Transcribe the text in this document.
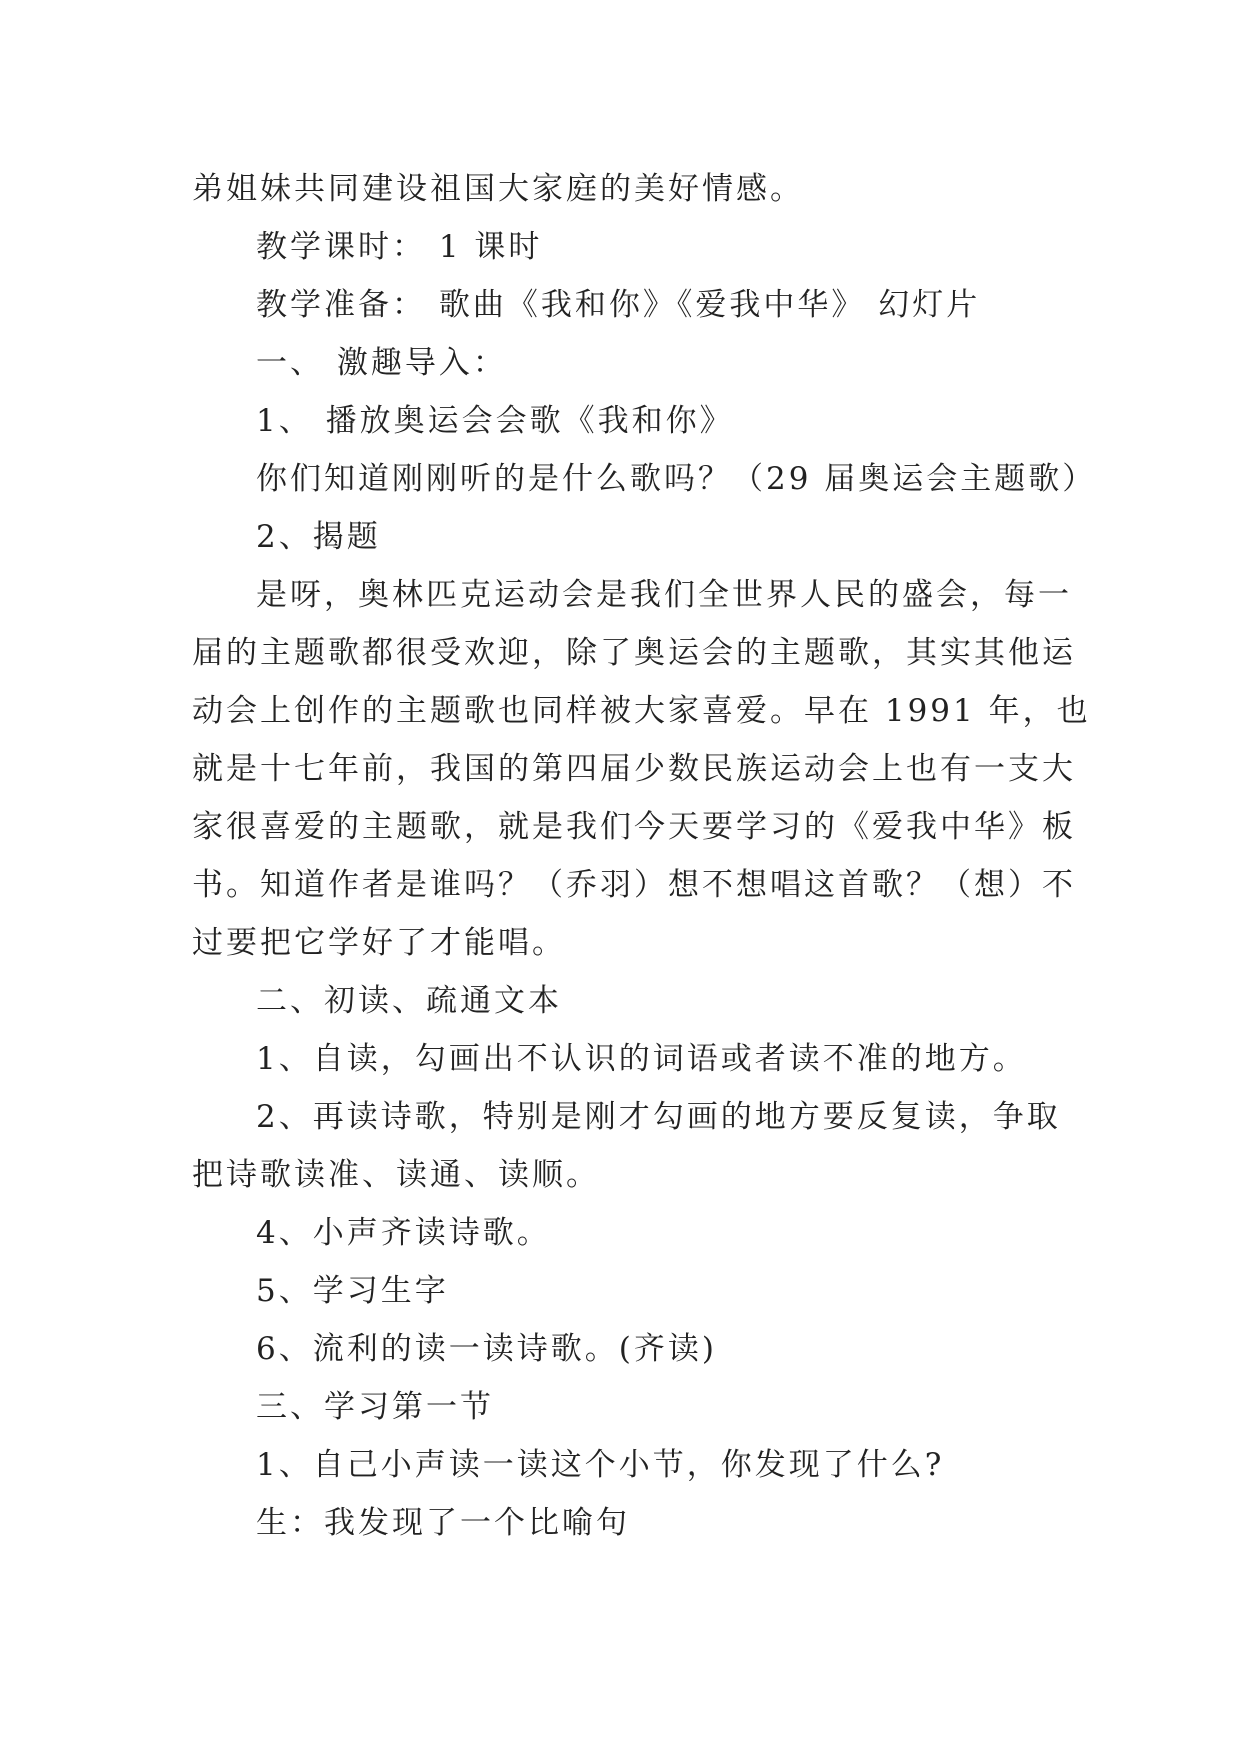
弟姐妹共同建设祖国大家庭的美好情感。
教学课时： 1 课时
教学准备： 歌曲《我和你》《爱我中华》 幻灯片
一、 激趣导入：
1、 播放奥运会会歌《我和你》
你们知道刚刚听的是什么歌吗？（29 届奥运会主题歌）
2、揭题
是呀，奥林匹克运动会是我们全世界人民的盛会，每一
届的主题歌都很受欢迎，除了奥运会的主题歌，其实其他运
动会上创作的主题歌也同样被大家喜爱。早在 1991 年，也
就是十七年前，我国的第四届少数民族运动会上也有一支大
家很喜爱的主题歌，就是我们今天要学习的《爱我中华》板
书。知道作者是谁吗？（乔羽）想不想唱这首歌？（想）不
过要把它学好了才能唱。
二、初读、疏通文本
1、自读，勾画出不认识的词语或者读不准的地方。
2、再读诗歌，特别是刚才勾画的地方要反复读，争取
把诗歌读准、读通、读顺。
4、小声齐读诗歌。
5、学习生字
6、流利的读一读诗歌。(齐读)
三、学习第一节
1、自己小声读一读这个小节，你发现了什么?
生：我发现了一个比喻句
